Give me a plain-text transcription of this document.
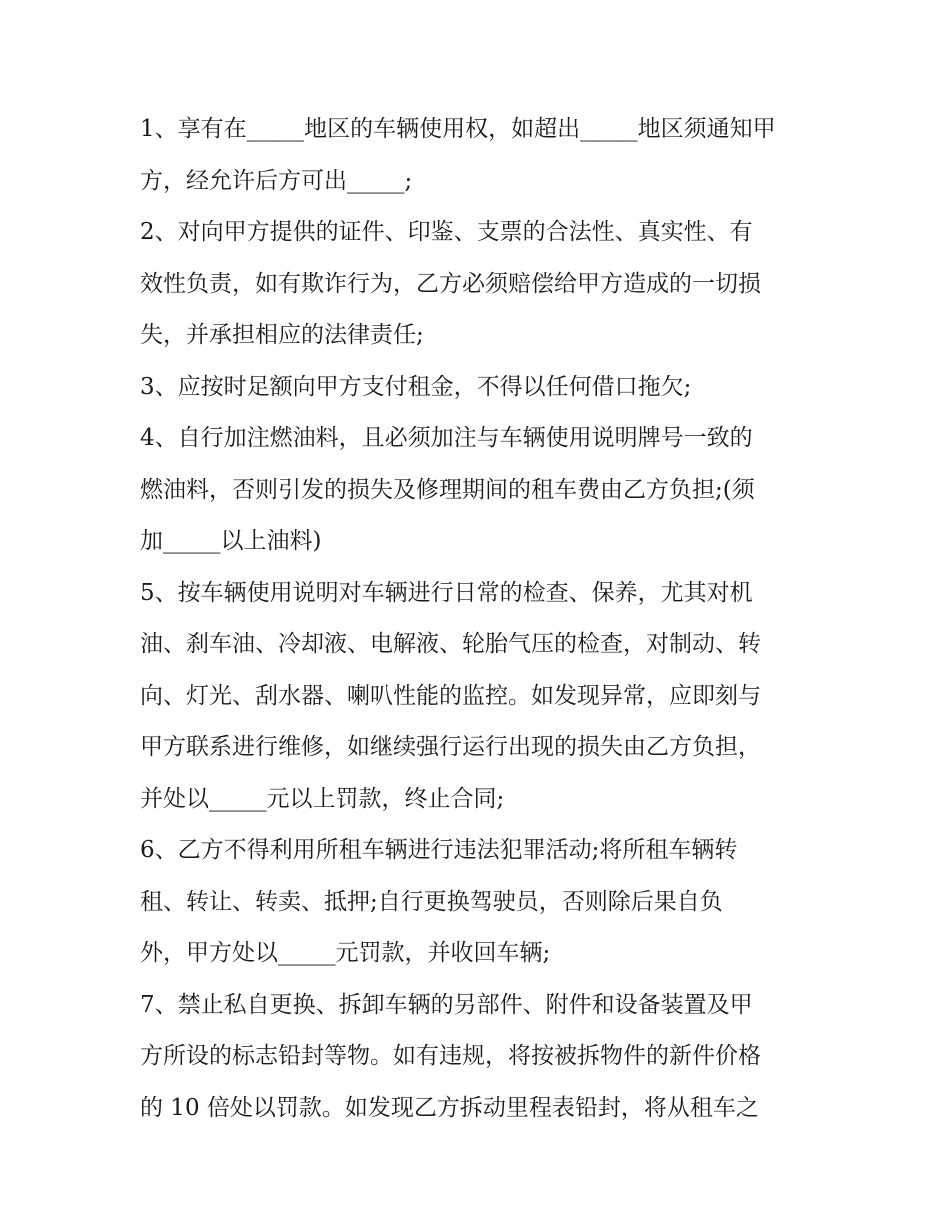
1、享有在_____地区的车辆使用权，如超出_____地区须通知甲
方，经允许后方可出_____;
2、对向甲方提供的证件、印鉴、支票的合法性、真实性、有
效性负责，如有欺诈行为，乙方必须赔偿给甲方造成的一切损
失，并承担相应的法律责任;
3、应按时足额向甲方支付租金，不得以任何借口拖欠;
4、自行加注燃油料，且必须加注与车辆使用说明牌号一致的
燃油料，否则引发的损失及修理期间的租车费由乙方负担;(须
加_____以上油料)
5、按车辆使用说明对车辆进行日常的检查、保养，尤其对机
油、刹车油、冷却液、电解液、轮胎气压的检查，对制动、转
向、灯光、刮水器、喇叭性能的监控。如发现异常，应即刻与
甲方联系进行维修，如继续强行运行出现的损失由乙方负担，
并处以_____元以上罚款，终止合同;
6、乙方不得利用所租车辆进行违法犯罪活动;将所租车辆转
租、转让、转卖、抵押;自行更换驾驶员，否则除后果自负
外，甲方处以_____元罚款，并收回车辆;
7、禁止私自更换、拆卸车辆的另部件、附件和设备装置及甲
方所设的标志铅封等物。如有违规，将按被拆物件的新件价格
的 10 倍处以罚款。如发现乙方拆动里程表铅封，将从租车之
